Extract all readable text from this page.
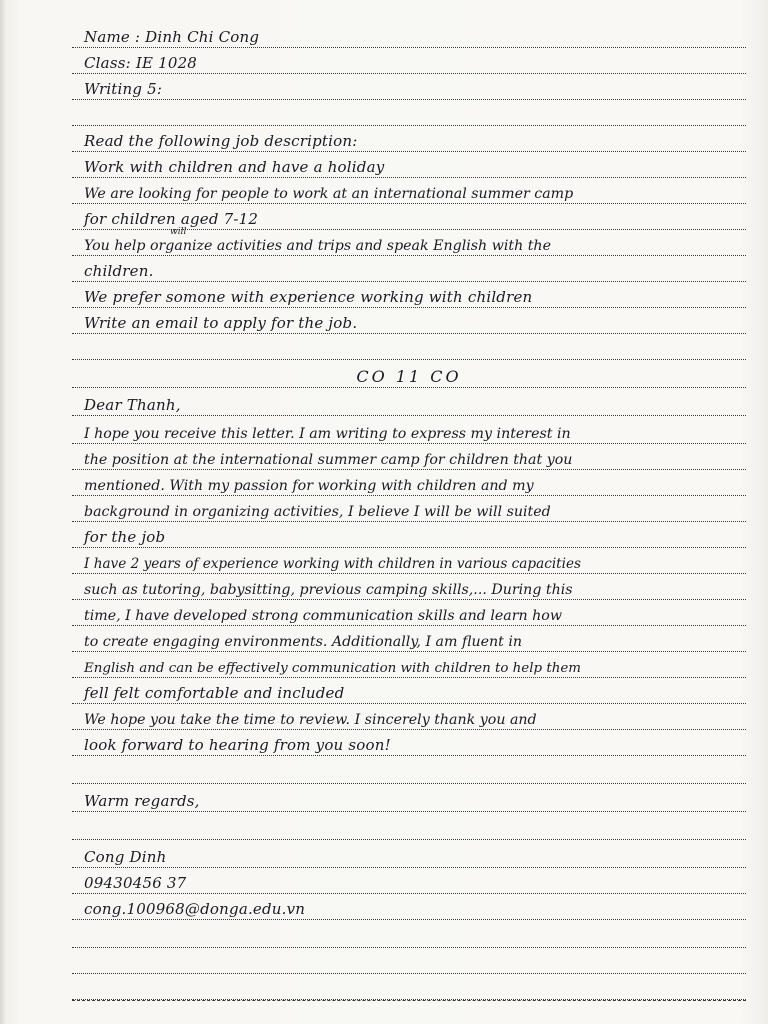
Name : Dinh Chi Cong
Class: IE 1028
Writing 5:
Read the following job description:
Work with children and have a holiday
We are looking for people to work at an international summer camp
for children aged 7-12
will
You help organize activities and trips and speak English with the
children.
We prefer somone with experience working with children
Write an email to apply for the job.
CO 11 CO
Dear Thanh,
I hope you receive this letter. I am writing to express my interest in
the position at the international summer camp for children that you
mentioned. With my passion for working with children and my
background in organizing activities, I believe I will be will suited
for the job
I have 2 years of experience working with children in various capacities
such as tutoring, babysitting, previous camping skills,... During this
time, I have developed strong communication skills and learn how
to create engaging environments. Additionally, I am fluent in
English and can be effectively communication with children to help them
fell felt comfortable and included
We hope you take the time to review. I sincerely thank you and
look forward to hearing from you soon!
Warm regards,
Cong Dinh
09430456 37
cong.100968@donga.edu.vn
